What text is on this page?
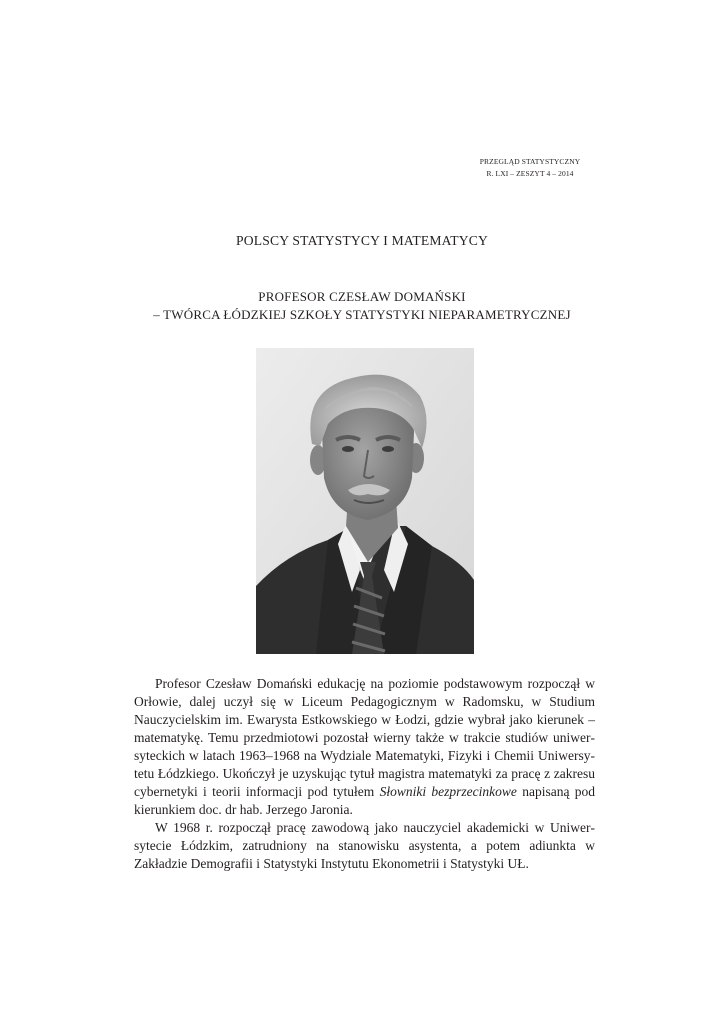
PRZEGLĄD STATYSTYCZNY
R. LXI – ZESZYT 4 – 2014
POLSCY STATYSTYCY I MATEMATYCY
PROFESOR CZESŁAW DOMAŃSKI
– TWÓRCA ŁÓDZKIEJ SZKOŁY STATYSTYKI NIEPARAMETRYCZNEJ

Profesor Czesław Domański edukację na poziomie podstawowym rozpoczął w Orłowie, dalej uczył się w Liceum Pedagogicznym w Radomsku, w Studium Nauczycielskim im. Ewarysta Estkowskiego w Łodzi, gdzie wybrał jako kierunek – matematykę. Temu przedmiotowi pozostał wierny także w trakcie studiów uniwersyteckich w latach 1963–1968 na Wydziale Matematyki, Fizyki i Chemii Uniwersytetu Łódzkiego. Ukończył je uzyskując tytuł magistra matematyki za pracę z zakresu cybernetyki i teorii informacji pod tytułem Słowniki bezprzecinkowe napisaną pod kierunkiem doc. dr hab. Jerzego Jaronia.

W 1968 r. rozpoczął pracę zawodową jako nauczyciel akademicki w Uniwersytecie Łódzkim, zatrudniony na stanowisku asystenta, a potem adiunkta w Zakładzie Demografii i Statystyki Instytutu Ekonometrii i Statystyki UŁ.
